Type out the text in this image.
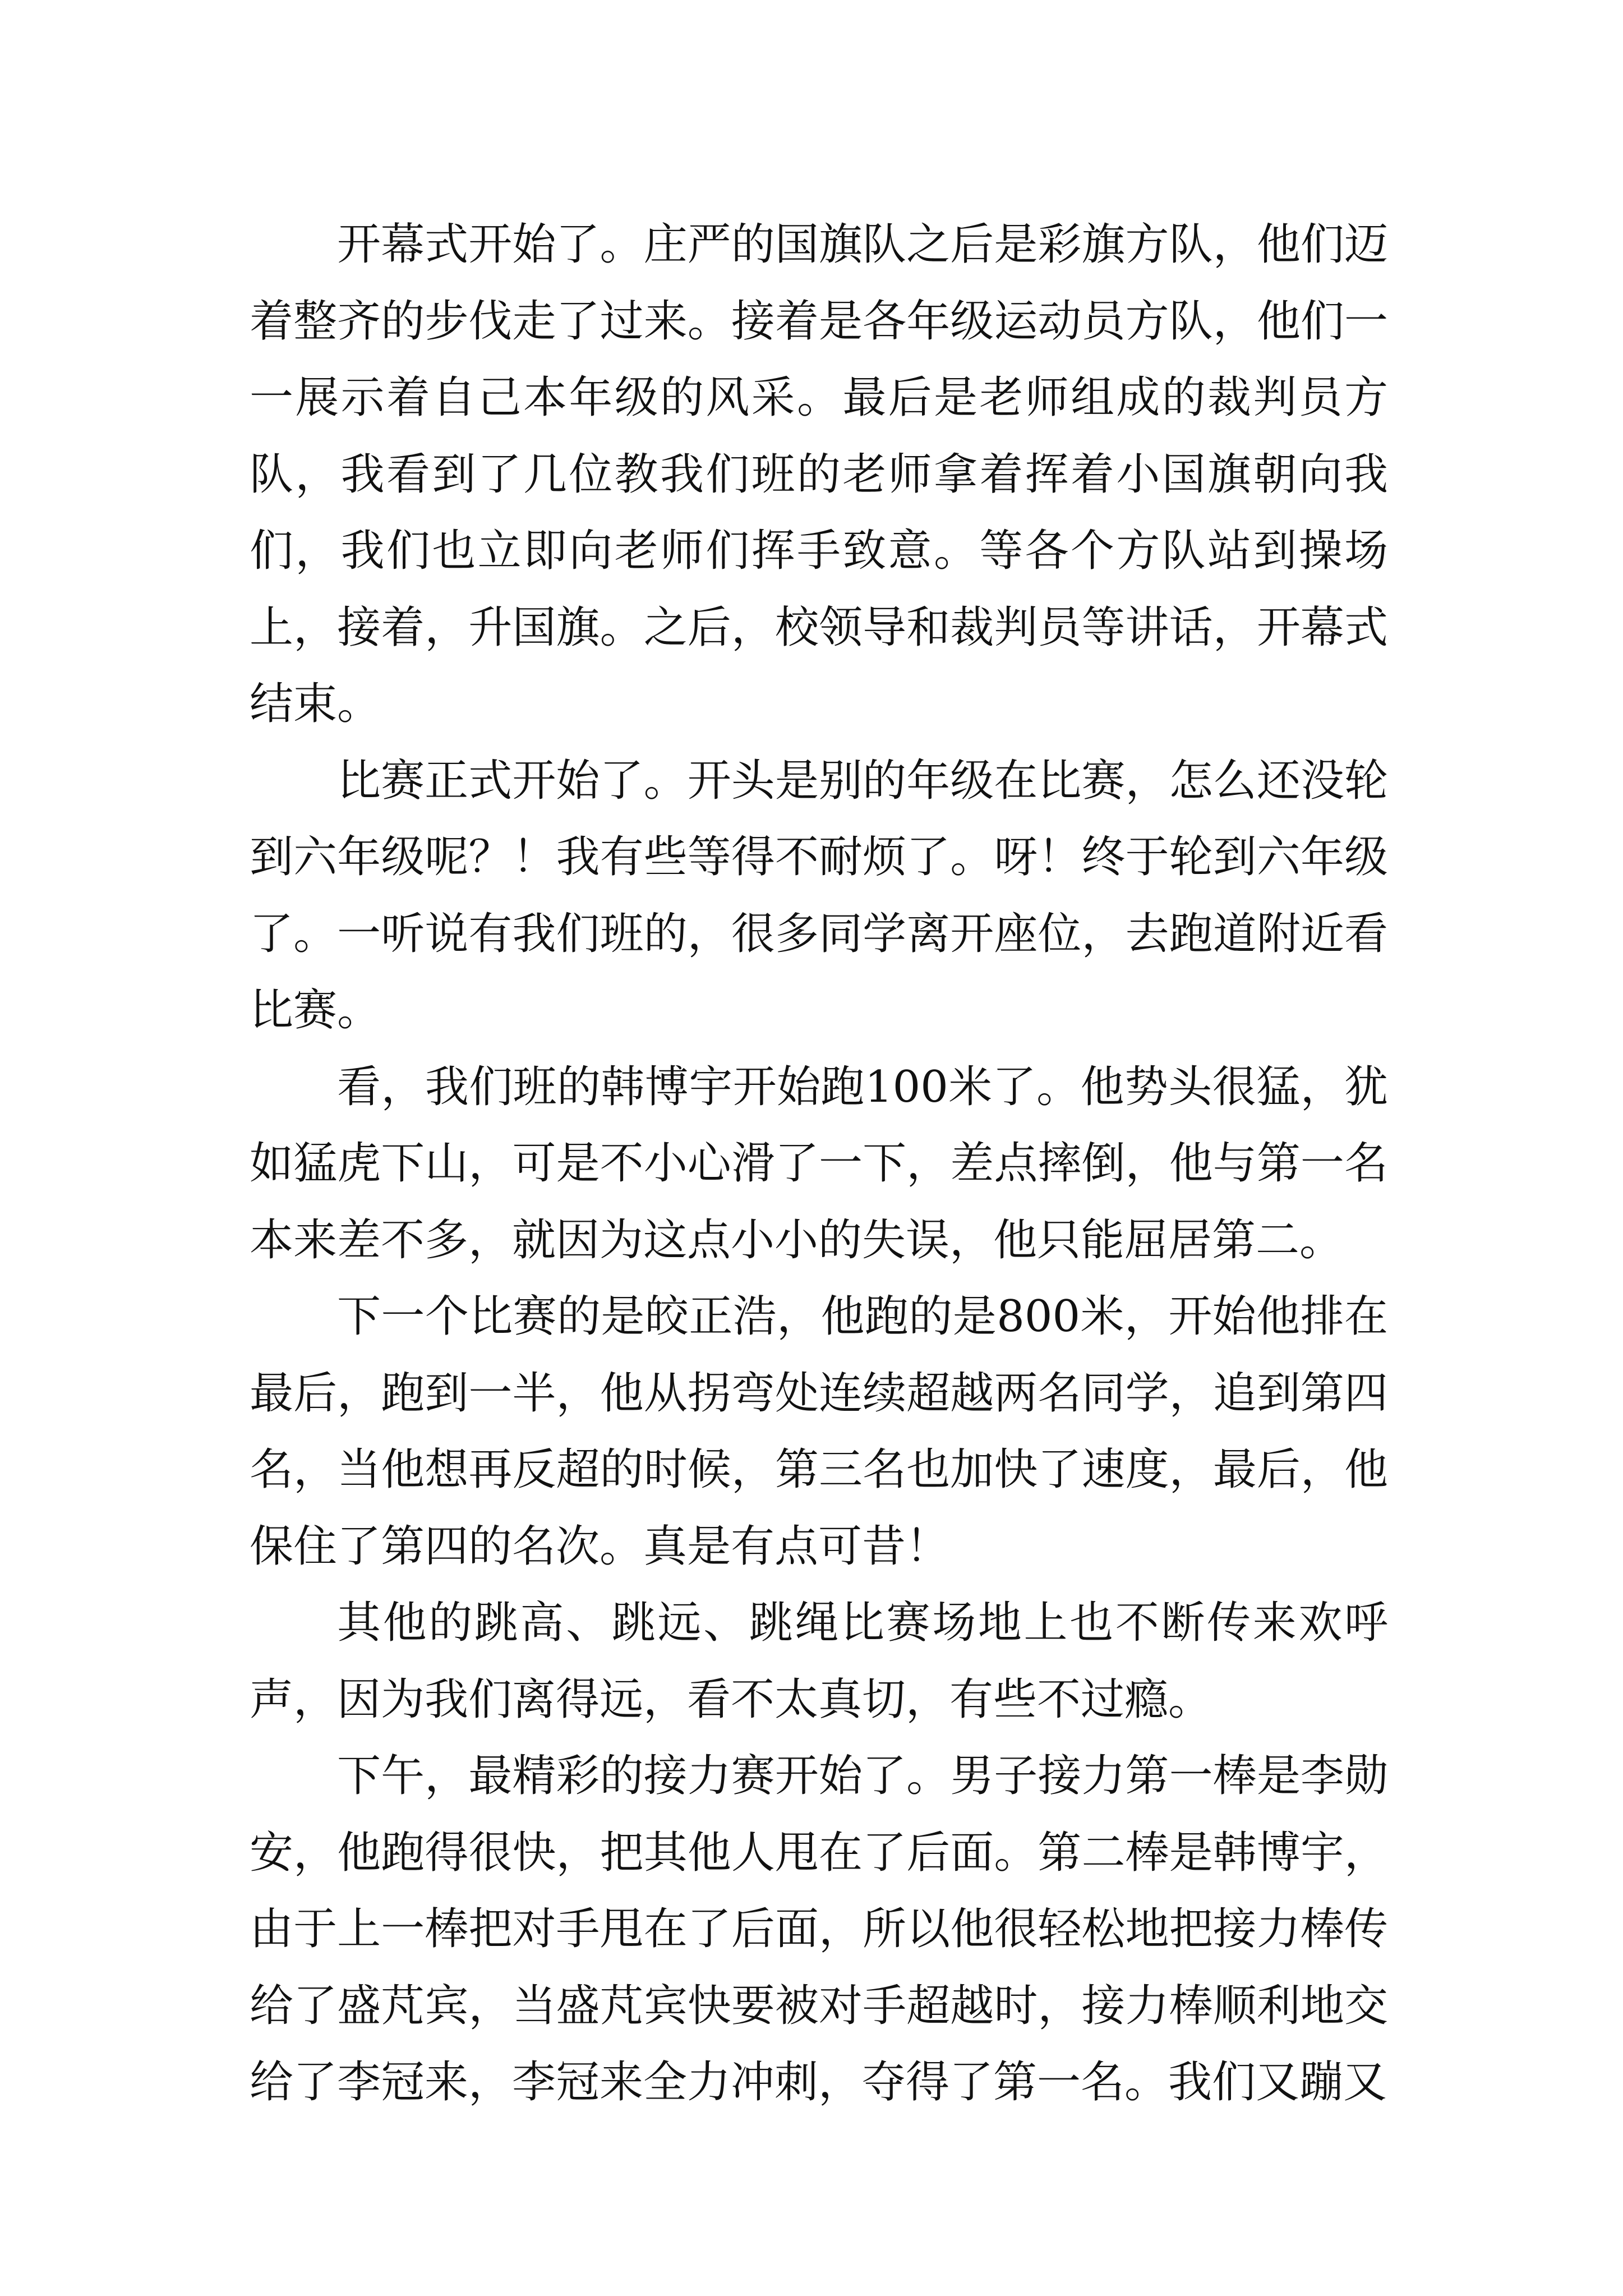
开幕式开始了。庄严的国旗队之后是彩旗方队，他们迈着整齐的步伐走了过来。接着是各年级运动员方队，他们一一展示着自己本年级的风采。最后是老师组成的裁判员方队，我看到了几位教我们班的老师拿着挥着小国旗朝向我们，我们也立即向老师们挥手致意。等各个方队站到操场上，接着，升国旗。之后，校领导和裁判员等讲话，开幕式结束。

比赛正式开始了。开头是别的年级在比赛，怎么还没轮到六年级呢？！我有些等得不耐烦了。呀！终于轮到六年级了。一听说有我们班的，很多同学离开座位，去跑道附近看比赛。

看，我们班的韩博宇开始跑100米了。他势头很猛，犹如猛虎下山，可是不小心滑了一下，差点摔倒，他与第一名本来差不多，就因为这点小小的失误，他只能屈居第二。

下一个比赛的是皎正浩，他跑的是800米，开始他排在最后，跑到一半，他从拐弯处连续超越两名同学，追到第四名，当他想再反超的时候，第三名也加快了速度，最后，他保住了第四的名次。真是有点可昔！

其他的跳高、跳远、跳绳比赛场地上也不断传来欢呼声，因为我们离得远，看不太真切，有些不过瘾。

下午，最精彩的接力赛开始了。男子接力第一棒是李勋安，他跑得很快，把其他人甩在了后面。第二棒是韩博宇，由于上一棒把对手甩在了后面，所以他很轻松地把接力棒传给了盛芃宾，当盛芃宾快要被对手超越时，接力棒顺利地交给了李冠来，李冠来全力冲刺，夺得了第一名。我们又蹦又
